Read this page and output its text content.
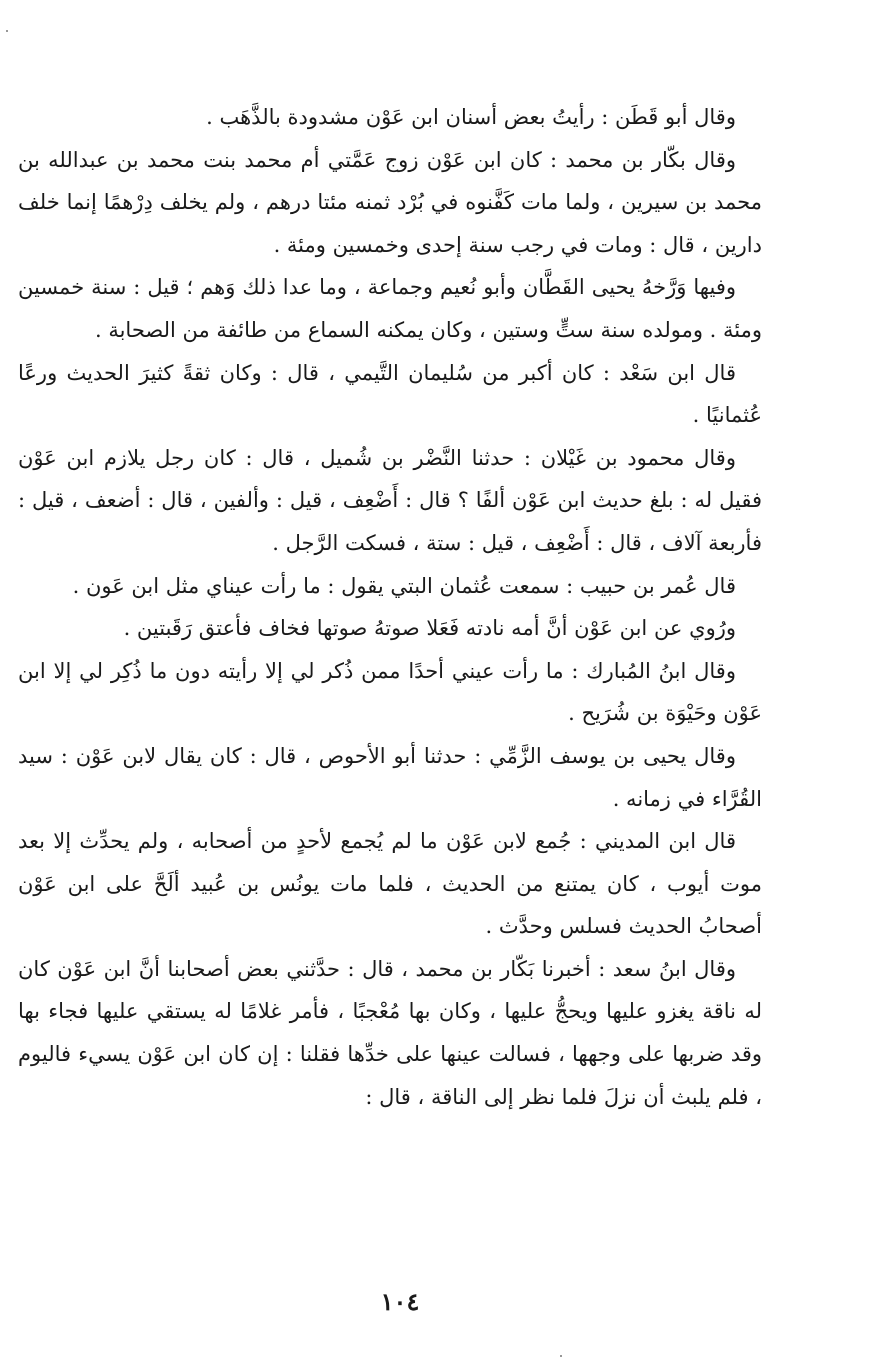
وقال أبو قَطَن : رأيتُ بعض أسنان ابن عَوْن مشدودة بالذَّهَب .

وقال بكّار بن محمد : كان ابن عَوْن زوج عَمَّتي أم محمد بنت محمد بن عبدالله بن محمد بن سيرين ، ولما مات كَفَّنوه في بُرْد ثمنه مئتا درهم ، ولم يخلف دِرْهمًا إنما خلف دارين ، قال : ومات في رجب سنة إحدى وخمسين ومئة .

وفيها وَرَّخهُ يحيى القَطَّان وأبو نُعيم وجماعة ، وما عدا ذلك وَهم ؛ قيل : سنة خمسين ومئة . ومولده سنة ستٍّ وستين ، وكان يمكنه السماع من طائفة من الصحابة .

قال ابن سَعْد : كان أكبر من سُليمان التَّيمي ، قال : وكان ثقةً كثيرَ الحديث ورعًا عُثمانيًا .

وقال محمود بن غَيْلان : حدثنا النَّضْر بن شُميل ، قال : كان رجل يلازم ابن عَوْن فقيل له : بلغ حديث ابن عَوْن ألفًا ؟ قال : أَضْعِف ، قيل : وألفين ، قال : أضعف ، قيل : فأربعة آلاف ، قال : أَضْعِف ، قيل : ستة ، فسكت الرَّجل .

قال عُمر بن حبيب : سمعت عُثمان البتي يقول : ما رأت عيناي مثل ابن عَون .

ورُوي عن ابن عَوْن أنَّ أمه نادته فَعَلا صوتهُ صوتها فخاف فأعتق رَقَبتين .

وقال ابنُ المُبارك : ما رأت عيني أحدًا ممن ذُكر لي إلا رأيته دون ما ذُكِر لي إلا ابن عَوْن وحَيْوَة بن شُرَيح .

وقال يحيى بن يوسف الزَّمِّي : حدثنا أبو الأحوص ، قال : كان يقال لابن عَوْن : سيد القُرَّاء في زمانه .

قال ابن المديني : جُمع لابن عَوْن ما لم يُجمع لأحدٍ من أصحابه ، ولم يحدِّث إلا بعد موت أيوب ، كان يمتنع من الحديث ، فلما مات يونُس بن عُبيد ألَحَّ على ابن عَوْن أصحابُ الحديث فسلس وحدَّث .

وقال ابنُ سعد : أخبرنا بَكّار بن محمد ، قال : حدَّثني بعض أصحابنا أنَّ ابن عَوْن كان له ناقة يغزو عليها ويحجُّ عليها ، وكان بها مُعْجبًا ، فأمر غلامًا له يستقي عليها فجاء بها وقد ضربها على وجهها ، فسالت عينها على خدِّها فقلنا : إن كان ابن عَوْن يسيء فاليوم ، فلم يلبث أن نزلَ فلما نظر إلى الناقة ، قال :

١٠٤
